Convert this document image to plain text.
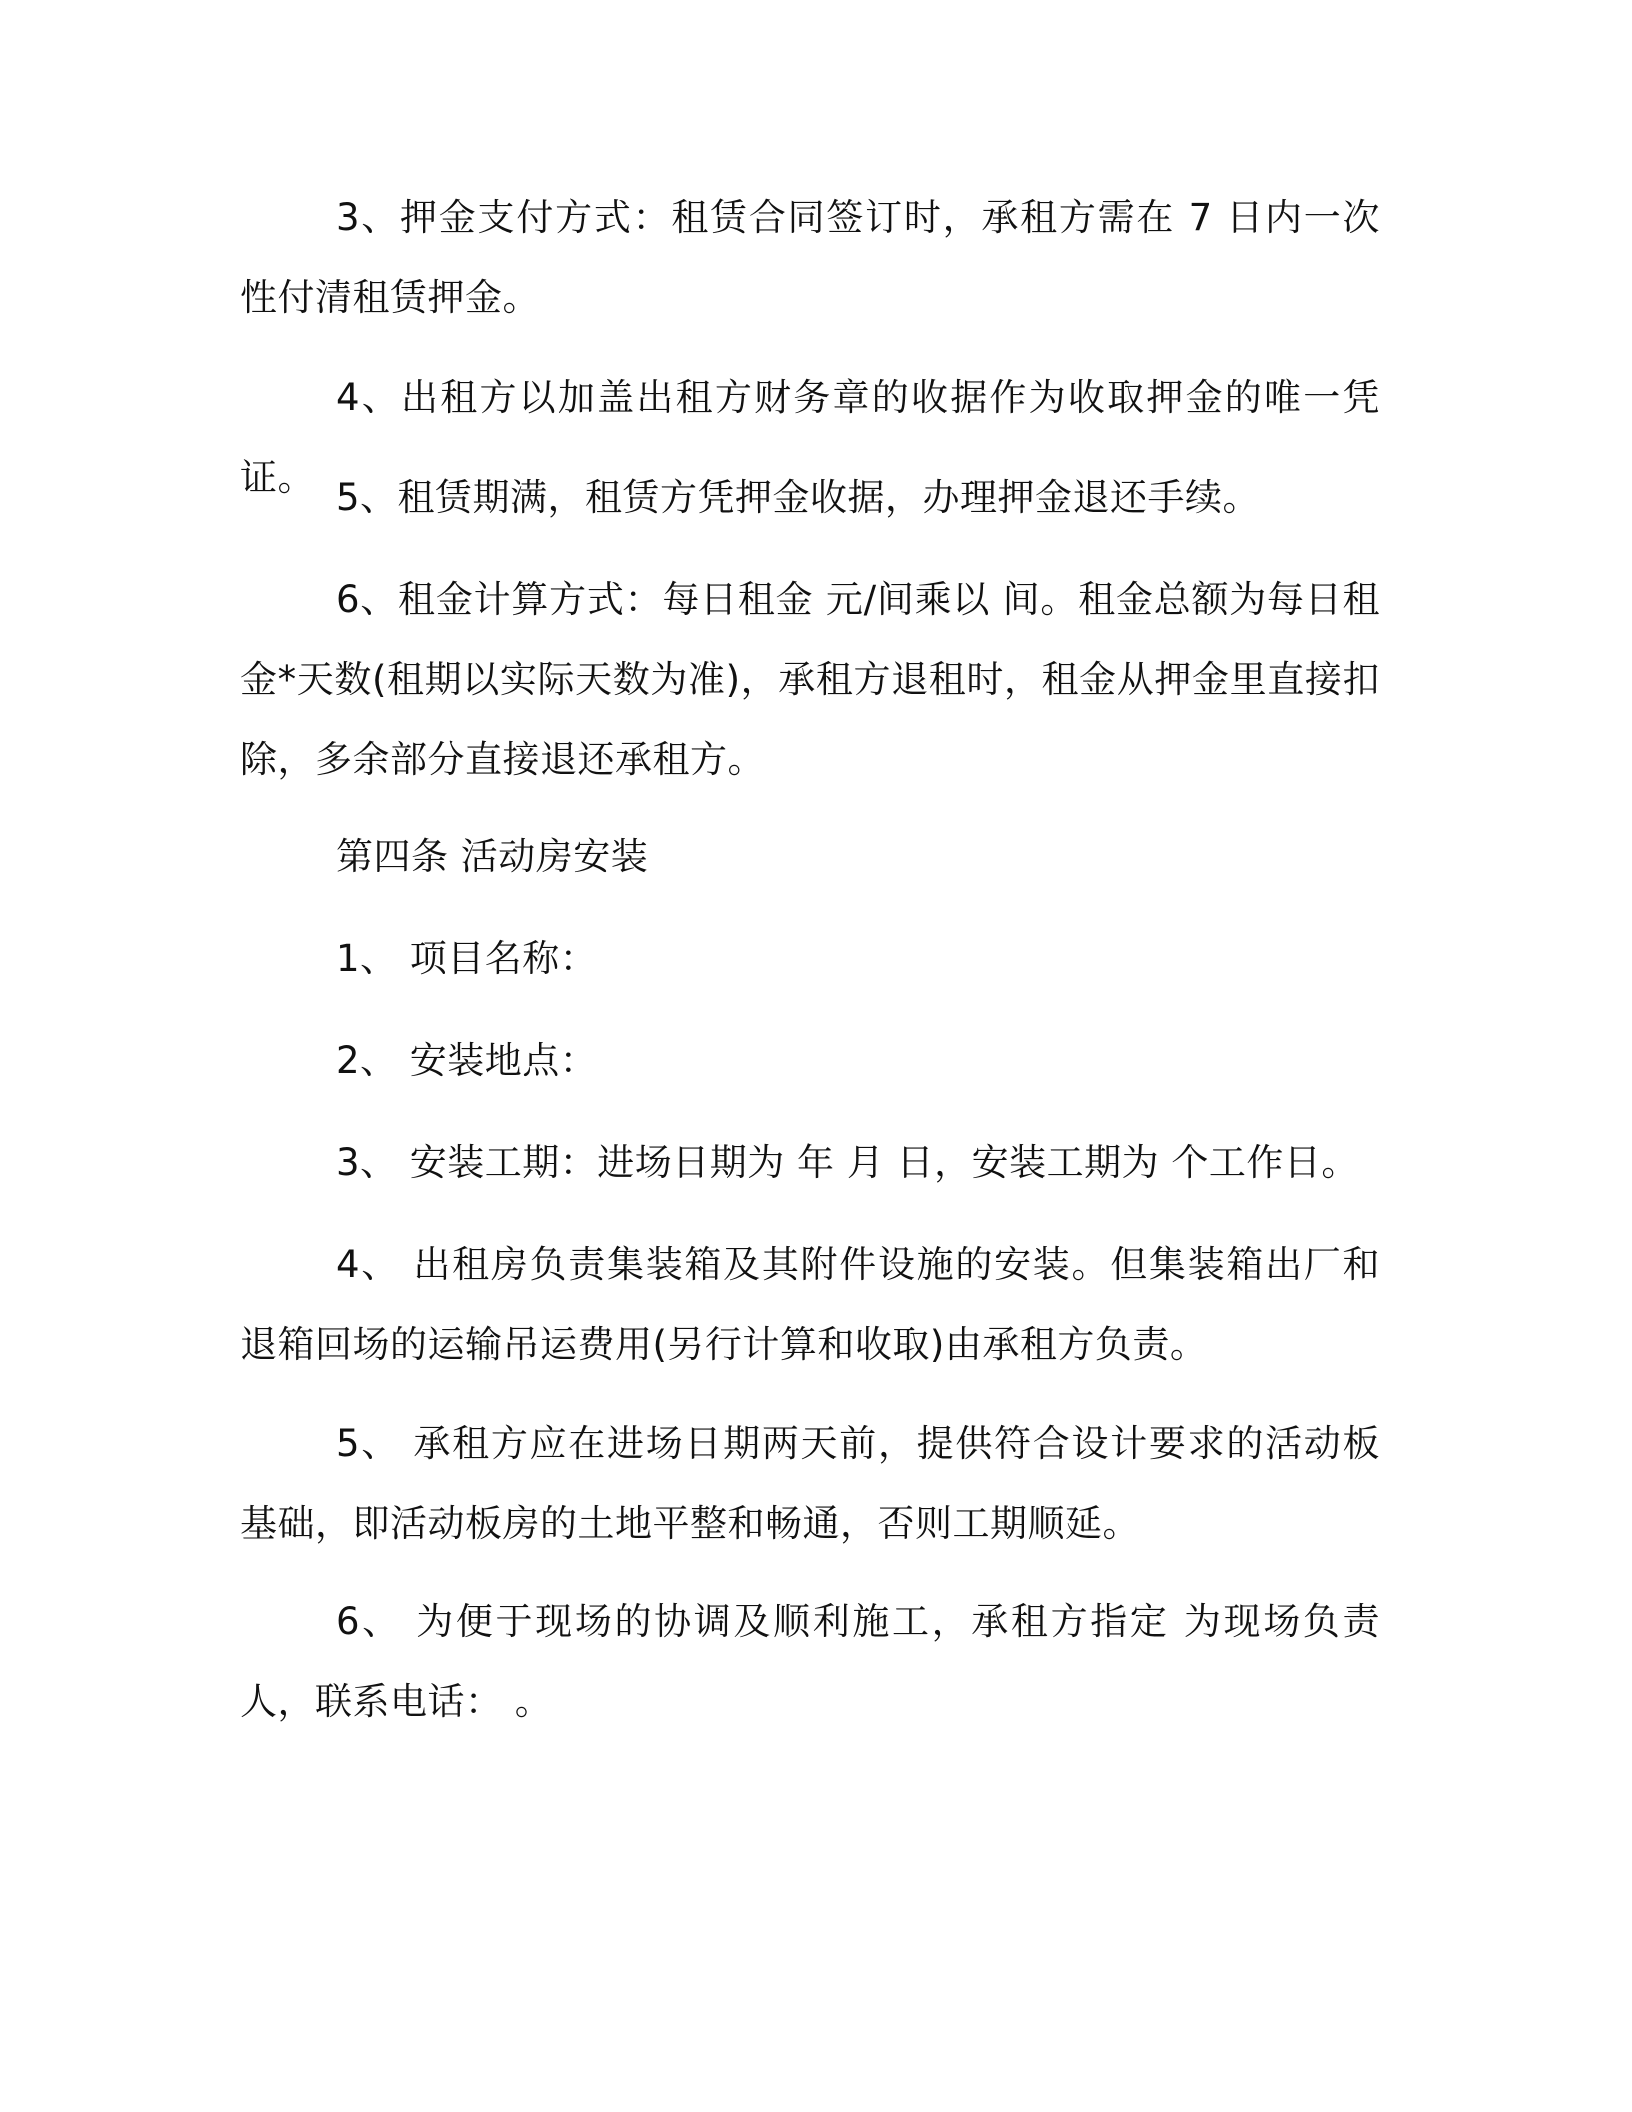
3、押金支付方式：租赁合同签订时，承租方需在 7 日内一次性付清租赁押金。

4、出租方以加盖出租方财务章的收据作为收取押金的唯一凭证。 5、租赁期满，租赁方凭押金收据，办理押金退还手续。

6、租金计算方式：每日租金 元/间乘以 间。租金总额为每日租金*天数(租期以实际天数为准)，承租方退租时，租金从押金里直接扣除，多余部分直接退还承租方。

第四条 活动房安装

1、 项目名称：

2、 安装地点：

3、 安装工期：进场日期为 年 月 日，安装工期为 个工作日。

4、 出租房负责集装箱及其附件设施的安装。但集装箱出厂和退箱回场的运输吊运费用(另行计算和收取)由承租方负责。

5、 承租方应在进场日期两天前，提供符合设计要求的活动板基础，即活动板房的土地平整和畅通，否则工期顺延。

6、 为便于现场的协调及顺利施工，承租方指定 为现场负责人，联系电话： 。
